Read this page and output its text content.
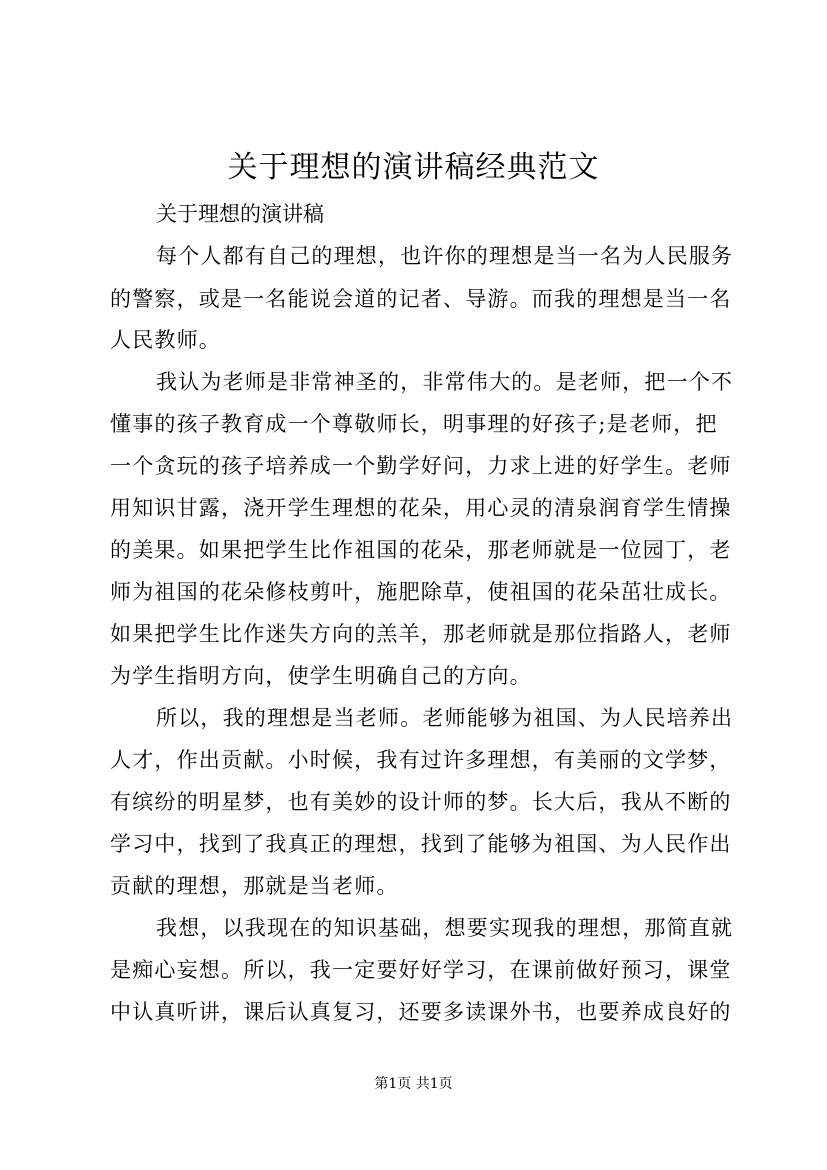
关于理想的演讲稿经典范文
关于理想的演讲稿
每个人都有自己的理想，也许你的理想是当一名为人民服务
的警察，或是一名能说会道的记者、导游。而我的理想是当一名
人民教师。
我认为老师是非常神圣的，非常伟大的。是老师，把一个不
懂事的孩子教育成一个尊敬师长，明事理的好孩子;是老师，把
一个贪玩的孩子培养成一个勤学好问，力求上进的好学生。老师
用知识甘露，浇开学生理想的花朵，用心灵的清泉润育学生情操
的美果。如果把学生比作祖国的花朵，那老师就是一位园丁，老
师为祖国的花朵修枝剪叶，施肥除草，使祖国的花朵茁壮成长。
如果把学生比作迷失方向的羔羊，那老师就是那位指路人，老师
为学生指明方向，使学生明确自己的方向。
所以，我的理想是当老师。老师能够为祖国、为人民培养出
人才，作出贡献。小时候，我有过许多理想，有美丽的文学梦，
有缤纷的明星梦，也有美妙的设计师的梦。长大后，我从不断的
学习中，找到了我真正的理想，找到了能够为祖国、为人民作出
贡献的理想，那就是当老师。
我想，以我现在的知识基础，想要实现我的理想，那简直就
是痴心妄想。所以，我一定要好好学习，在课前做好预习，课堂
中认真听讲，课后认真复习，还要多读课外书，也要养成良好的
第1页 共1页
